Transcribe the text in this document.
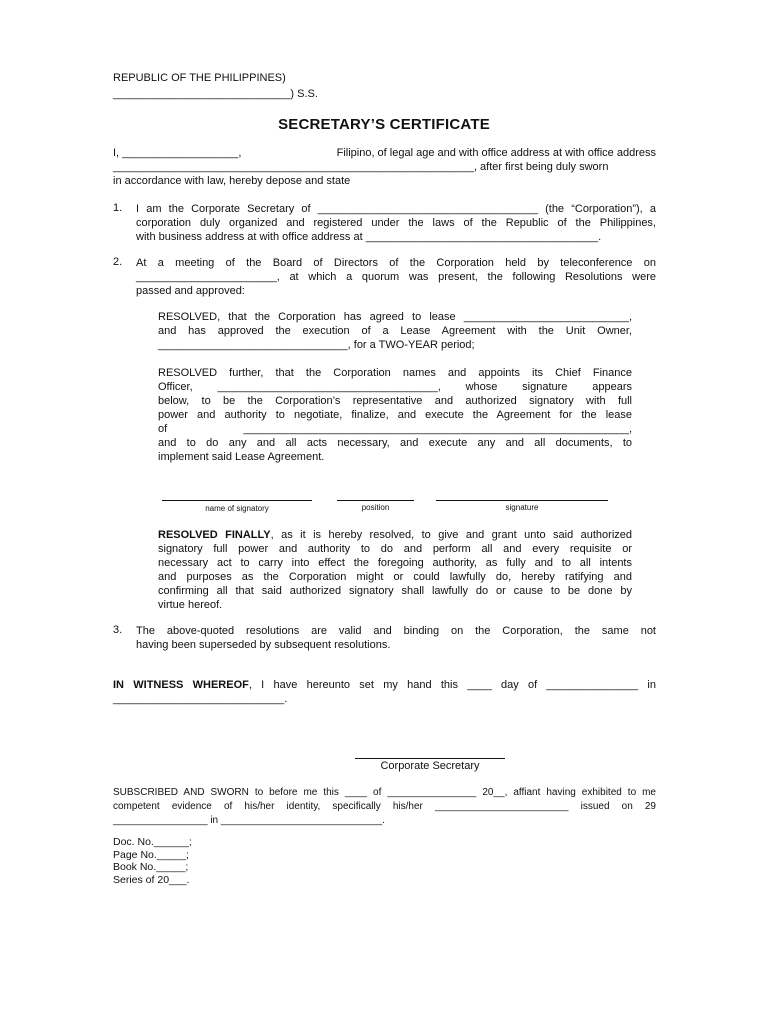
REPUBLIC OF THE PHILIPPINES)
_____________________________) S.S.
SECRETARY’S CERTIFICATE
I, ___________________,	Filipino, of legal age and with office address at with office address
___________________________________________________________, after first being duly sworn
in accordance with law, hereby depose and state
1. I am the Corporate Secretary of ____________________________________ (the “Corporation”), a
corporation duly organized and registered under the laws of the Republic of the Philippines,
with business address at with office address at ______________________________________.
2. At a meeting of the Board of Directors of the Corporation held by teleconference on
_______________________, at which a quorum was present, the following Resolutions were
passed and approved:
RESOLVED, that the Corporation has agreed to lease ___________________________,
and has approved the execution of a Lease Agreement with the Unit Owner,
_______________________________, for a TWO-YEAR period;
RESOLVED further, that the Corporation names and appoints its Chief Finance
Officer, ____________________________________, whose signature appears
below, to be the Corporation’s representative and authorized signatory with full
power and authority to negotiate, finalize, and execute the Agreement for the lease
of _______________________________________________________________,
and to do any and all acts necessary, and execute any and all documents, to
implement said Lease Agreement.
name of signatory	position	signature
RESOLVED FINALLY, as it is hereby resolved, to give and grant unto said authorized
signatory full power and authority to do and perform all and every requisite or
necessary act to carry into effect the foregoing authority, as fully and to all intents
and purposes as the Corporation might or could lawfully do, hereby ratifying and
confirming all that said authorized signatory shall lawfully do or cause to be done by
virtue hereof.
3. The above-quoted resolutions are valid and binding on the Corporation, the same not
having been superseded by subsequent resolutions.
IN WITNESS WHEREOF, I have hereunto set my hand this ____ day of _______________ in
____________________________.
Corporate Secretary
SUBSCRIBED AND SWORN to before me this ____ of ________________ 20__, affiant having exhibited to me
competent evidence of his/her identity, specifically his/her ________________________ issued on 29
_________________ in _____________________________.
Doc. No.______;
Page No._____;
Book No._____;
Series of 20___.
